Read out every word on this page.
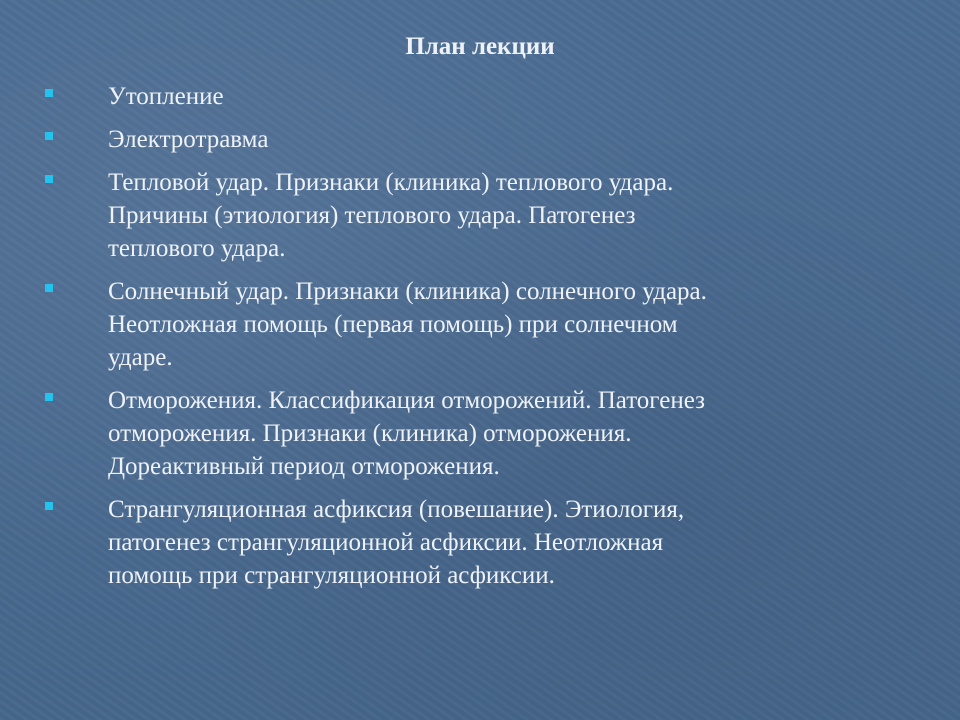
План лекции
Утопление
Электротравма
Тепловой удар. Признаки (клиника) теплового удара.
Причины (этиология) теплового удара. Патогенез
теплового удара.
Солнечный удар. Признаки (клиника) солнечного удара.
Неотложная помощь (первая помощь) при солнечном
ударе.
Отморожения. Классификация отморожений. Патогенез
отморожения. Признаки (клиника) отморожения.
Дореактивный период отморожения.
Странгуляционная асфиксия (повешание). Этиология,
патогенез странгуляционной асфиксии. Неотложная
помощь при странгуляционной асфиксии.
